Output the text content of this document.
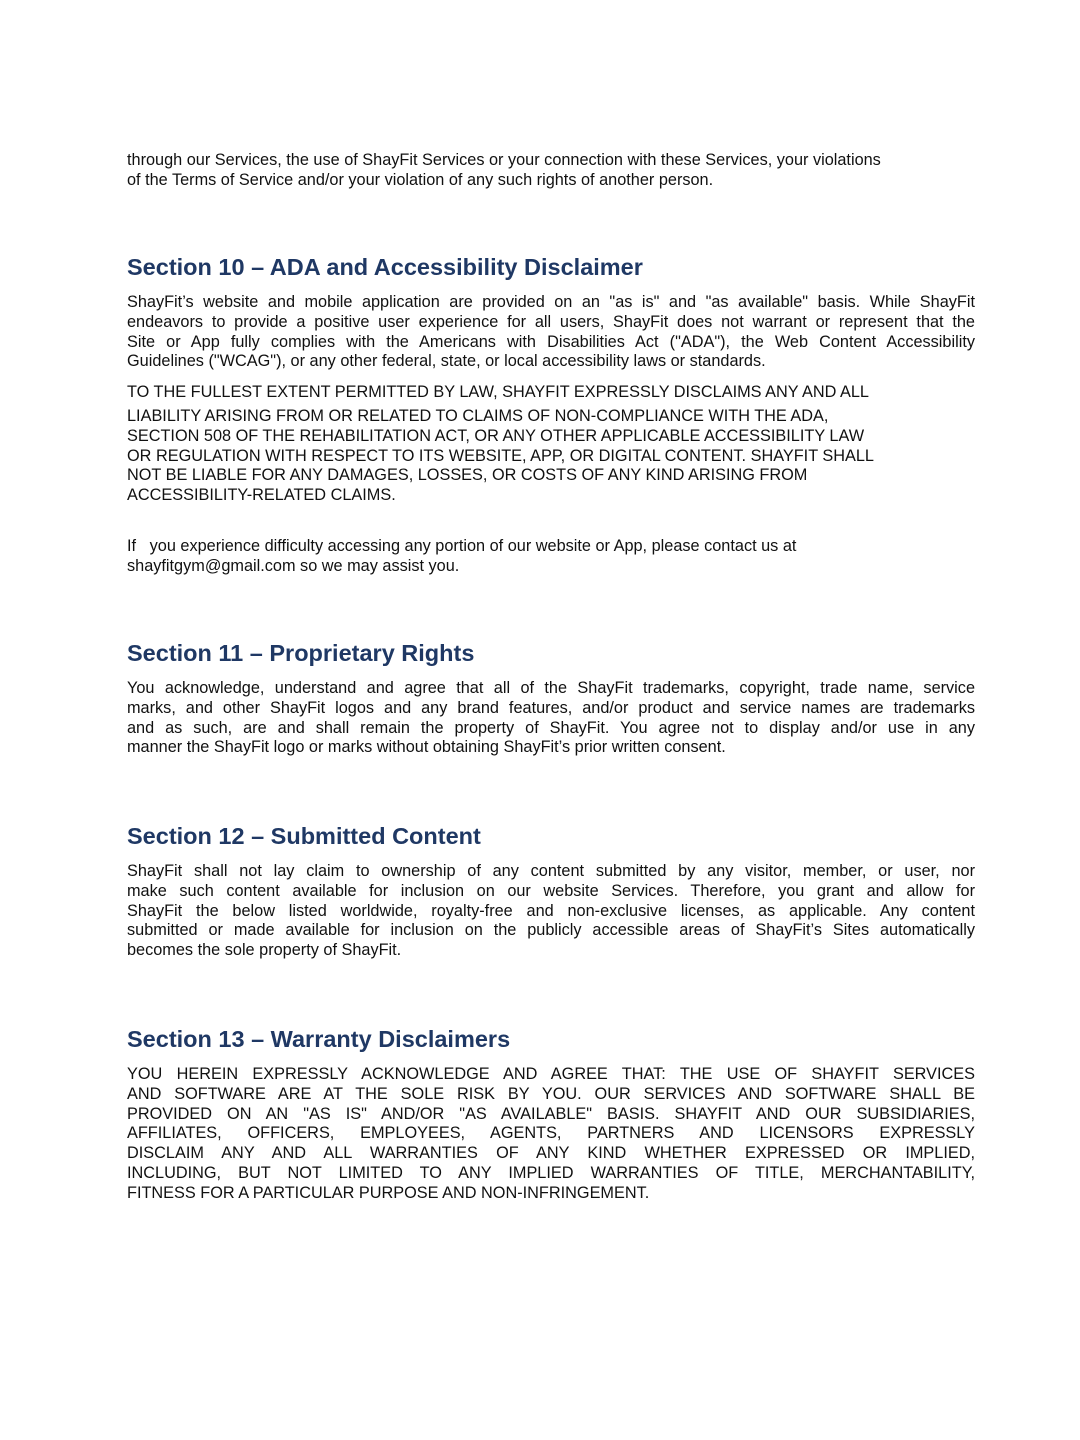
through our Services, the use of ShayFit Services or your connection with these Services, your violations
of the Terms of Service and/or your violation of any such rights of another person.
Section 10 – ADA and Accessibility Disclaimer
ShayFit’s website and mobile application are provided on an "as is" and "as available" basis. While ShayFit
endeavors to provide a positive user experience for all users, ShayFit does not warrant or represent that the
Site or App fully complies with the Americans with Disabilities Act ("ADA"), the Web Content Accessibility
Guidelines ("WCAG"), or any other federal, state, or local accessibility laws or standards.
TO THE FULLEST EXTENT PERMITTED BY LAW, SHAYFIT EXPRESSLY DISCLAIMS ANY AND ALL
LIABILITY ARISING FROM OR RELATED TO CLAIMS OF NON-COMPLIANCE WITH THE ADA,
SECTION 508 OF THE REHABILITATION ACT, OR ANY OTHER APPLICABLE ACCESSIBILITY LAW
OR REGULATION WITH RESPECT TO ITS WEBSITE, APP, OR DIGITAL CONTENT. SHAYFIT SHALL
NOT BE LIABLE FOR ANY DAMAGES, LOSSES, OR COSTS OF ANY KIND ARISING FROM
ACCESSIBILITY-RELATED CLAIMS.
If   you experience difficulty accessing any portion of our website or App, please contact us at
shayfitgym@gmail.com so we may assist you.
Section 11 – Proprietary Rights
You acknowledge, understand and agree that all of the ShayFit trademarks, copyright, trade name, service
marks, and other ShayFit logos and any brand features, and/or product and service names are trademarks
and as such, are and shall remain the property of ShayFit. You agree not to display and/or use in any
manner the ShayFit logo or marks without obtaining ShayFit’s prior written consent.
Section 12 – Submitted Content
ShayFit shall not lay claim to ownership of any content submitted by any visitor, member, or user, nor
make such content available for inclusion on our website Services. Therefore, you grant and allow for
ShayFit the below listed worldwide, royalty-free and non-exclusive licenses, as applicable. Any content
submitted or made available for inclusion on the publicly accessible areas of ShayFit’s Sites automatically
becomes the sole property of ShayFit.
Section 13 – Warranty Disclaimers
YOU HEREIN EXPRESSLY ACKNOWLEDGE AND AGREE THAT: THE USE OF SHAYFIT SERVICES
AND SOFTWARE ARE AT THE SOLE RISK BY YOU. OUR SERVICES AND SOFTWARE SHALL BE
PROVIDED ON AN "AS IS" AND/OR "AS AVAILABLE" BASIS. SHAYFIT AND OUR SUBSIDIARIES,
AFFILIATES, OFFICERS, EMPLOYEES, AGENTS, PARTNERS AND LICENSORS EXPRESSLY
DISCLAIM ANY AND ALL WARRANTIES OF ANY KIND WHETHER EXPRESSED OR IMPLIED,
INCLUDING, BUT NOT LIMITED TO ANY IMPLIED WARRANTIES OF TITLE, MERCHANTABILITY,
FITNESS FOR A PARTICULAR PURPOSE AND NON-INFRINGEMENT.
